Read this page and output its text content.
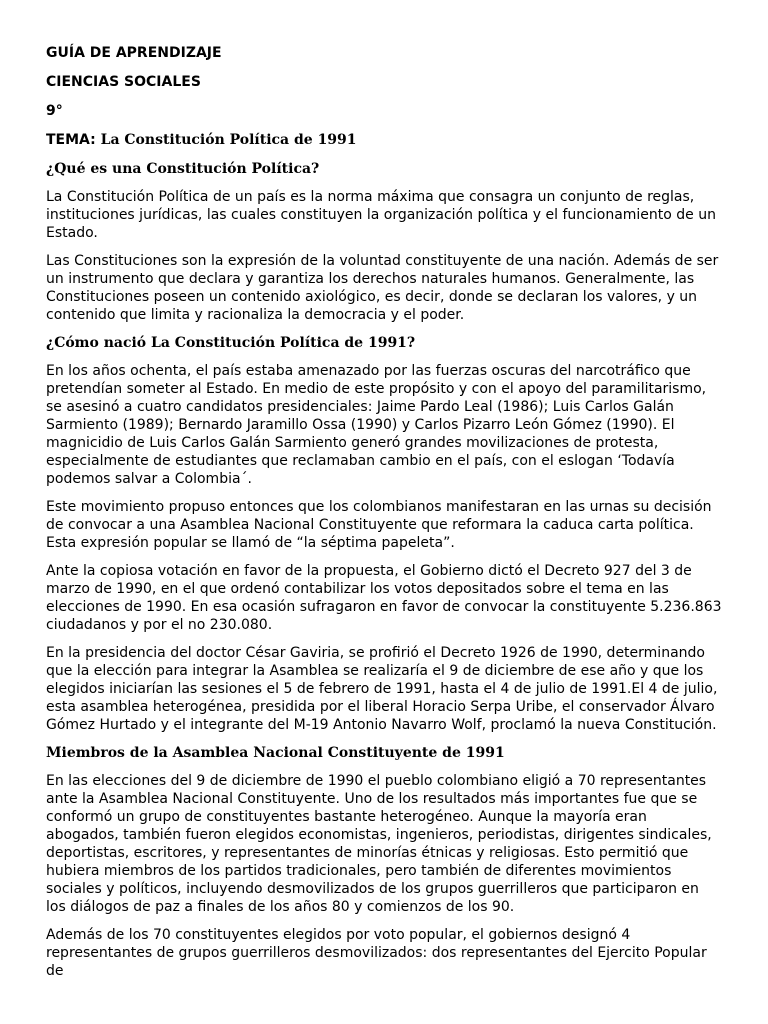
GUÍA DE APRENDIZAJE

CIENCIAS SOCIALES

9°

TEMA: La Constitución Política de 1991

¿Qué es una Constitución Política?

La Constitución Política de un país es la norma máxima que consagra un conjunto de reglas, instituciones jurídicas, las cuales constituyen la organización política y el funcionamiento de un Estado.

Las Constituciones son la expresión de la voluntad constituyente de una nación. Además de ser un instrumento que declara y garantiza los derechos naturales humanos. Generalmente, las Constituciones poseen un contenido axiológico, es decir, donde se declaran los valores, y un contenido que limita y racionaliza la democracia y el poder.

¿Cómo nació La Constitución Política de 1991?

En los años ochenta, el país estaba amenazado por las fuerzas oscuras del narcotráfico que pretendían someter al Estado. En medio de este propósito y con el apoyo del paramilitarismo, se asesinó a cuatro candidatos presidenciales: Jaime Pardo Leal (1986); Luis Carlos Galán Sarmiento (1989); Bernardo Jaramillo Ossa (1990) y Carlos Pizarro León Gómez (1990). El magnicidio de Luis Carlos Galán Sarmiento generó grandes movilizaciones de protesta, especialmente de estudiantes que reclamaban cambio en el país, con el eslogan ‘Todavía podemos salvar a Colombia´.

Este movimiento propuso entonces que los colombianos manifestaran en las urnas su decisión de convocar a una Asamblea Nacional Constituyente que reformara la caduca carta política. Esta expresión popular se llamó de “la séptima papeleta”.

Ante la copiosa votación en favor de la propuesta, el Gobierno dictó el Decreto 927 del 3 de marzo de 1990, en el que ordenó contabilizar los votos depositados sobre el tema en las elecciones de 1990. En esa ocasión sufragaron en favor de convocar la constituyente 5.236.863 ciudadanos y por el no 230.080.

En la presidencia del doctor César Gaviria, se profirió el Decreto 1926 de 1990, determinando que la elección para integrar la Asamblea se realizaría el 9 de diciembre de ese año y que los elegidos iniciarían las sesiones el 5 de febrero de 1991, hasta el 4 de julio de 1991.El 4 de julio, esta asamblea heterogénea, presidida por el liberal Horacio Serpa Uribe, el conservador Álvaro Gómez Hurtado y el integrante del M-19 Antonio Navarro Wolf, proclamó la nueva Constitución.

Miembros de la Asamblea Nacional Constituyente de 1991

En las elecciones del 9 de diciembre de 1990 el pueblo colombiano eligió a 70 representantes ante la Asamblea Nacional Constituyente. Uno de los resultados más importantes fue que se conformó un grupo de constituyentes bastante heterogéneo. Aunque la mayoría eran abogados, también fueron elegidos economistas, ingenieros, periodistas, dirigentes sindicales, deportistas, escritores, y representantes de minorías étnicas y religiosas. Esto permitió que hubiera miembros de los partidos tradicionales, pero también de diferentes movimientos sociales y políticos, incluyendo desmovilizados de los grupos guerrilleros que participaron en los diálogos de paz a finales de los años 80 y comienzos de los 90.

Además de los 70 constituyentes elegidos por voto popular, el gobiernos designó 4 representantes de grupos guerrilleros desmovilizados: dos representantes del Ejercito Popular de
